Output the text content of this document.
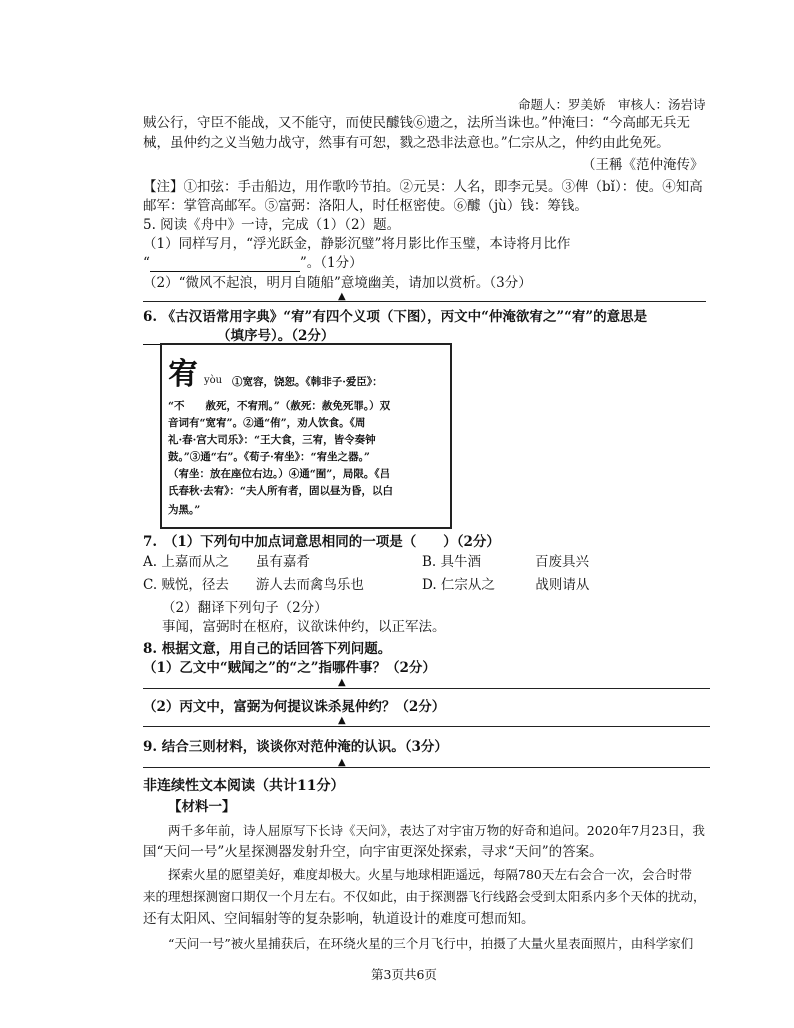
命题人：罗美娇　审核人：汤岩诗
贼公行，守臣不能战，又不能守，而使民醵钱⑥遗之，法所当诛也。”仲淹曰：“今高邮无兵无
械，虽仲约之义当勉力战守，然事有可恕，戮之恐非法意也。”仁宗从之，仲约由此免死。
（王稱《范仲淹传》
【注】①扣弦：手击船边，用作歌吟节拍。②元昊：人名，即李元昊。③俾（bǐ）：使。④知高
邮军：掌管高邮军。⑤富弼：洛阳人，时任枢密使。⑥醵（jù）钱：筹钱。
5. 阅读《舟中》一诗，完成（1）（2）题。
（1）同样写月，“浮光跃金，静影沉璧”将月影比作玉璧，本诗将月比作
“	”。（1分）
（2）“微风不起浪，明月自随船”意境幽美，请加以赏析。（3分）
▲
6. 《古汉语常用字典》“宥”有四个义项（下图），丙文中“仲淹欲宥之”“宥”的意思是
（填序号）。（2分）
宥 yòu ①宽容，饶恕。《韩非子·爱臣》：
“不　　赦死，不宥刑。”（赦死：赦免死罪。）双
音词有“宽宥”。②通“侑”，劝人饮食。《周
礼·春·宫大司乐》：“王大食，三宥，皆令奏钟
鼓。”③通“右”。《荀子·宥坐》：“宥坐之器。”
（宥坐：放在座位右边。）④通“囿”，局限。《吕
氏春秋·去宥》：“夫人所有者，固以昼为昏，以白
为黑。”
7.　（1）下列句中加点词意思相同的一项是（　　）（2分）
A. 上嘉而从之　　虽有嘉肴	B. 具牛酒　　　　百废具兴
C. 贼悦，径去　　游人去而禽鸟乐也	D. 仁宗从之　　　战则请从
（2）翻译下列句子（2分）
事闻，富弼时在枢府，议欲诛仲约，以正军法。
8. 根据文意，用自己的话回答下列问题。
（1）乙文中“贼闻之”的“之”指哪件事？（2分）
▲
（2）丙文中，富弼为何提议诛杀晁仲约？（2分）
▲
9. 结合三则材料，谈谈你对范仲淹的认识。（3分）
▲
非连续性文本阅读（共计11分）
【材料一】
两千多年前，诗人屈原写下长诗《天问》，表达了对宇宙万物的好奇和追问。2020年7月23日，我
国“天问一号”火星探测器发射升空，向宇宙更深处探索，寻求“天问”的答案。
探索火星的愿望美好，难度却极大。火星与地球相距遥远，每隔780天左右会合一次，会合时带
来的理想探测窗口期仅一个月左右。不仅如此，由于探测器飞行线路会受到太阳系内多个天体的扰动，
还有太阳风、空间辐射等的复杂影响，轨道设计的难度可想而知。
“天问一号”被火星捕获后，在环绕火星的三个月飞行中，拍摄了大量火星表面照片，由科学家们
第3页共6页
